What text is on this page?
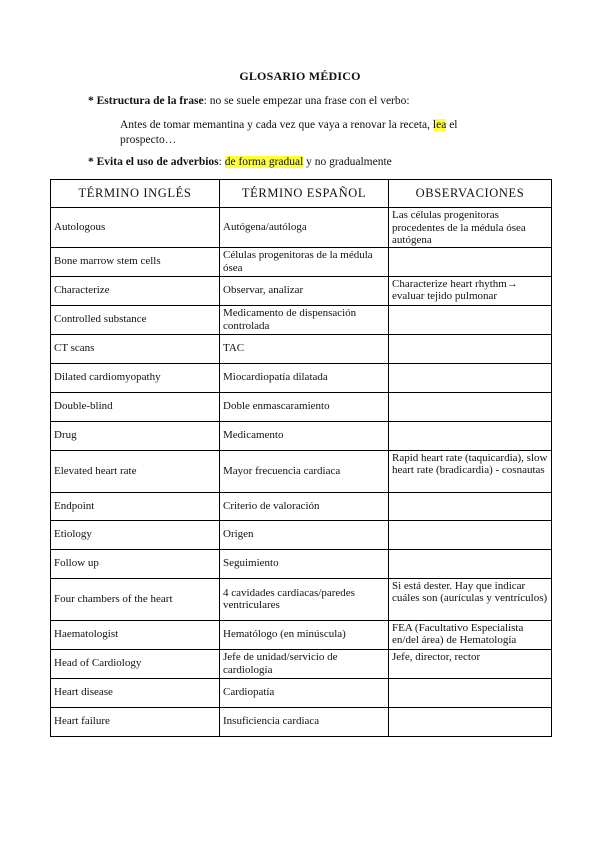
GLOSARIO MÉDICO
* Estructura de la frase: no se suele empezar una frase con el verbo:
Antes de tomar memantina y cada vez que vaya a renovar la receta, lea el prospecto…
* Evita el uso de adverbios: de forma gradual y no gradualmente
TÉRMINO INGLÉS	TÉRMINO ESPAÑOL	OBSERVACIONES
Autologous	Autógena/autóloga	Las células progenitoras procedentes de la médula ósea autógena
Bone marrow stem cells	Células progenitoras de la médula ósea	
Characterize	Observar, analizar	Characterize heart rhythm→ evaluar tejido pulmonar
Controlled substance	Medicamento de dispensación controlada	
CT scans	TAC	
Dilated cardiomyopathy	Miocardiopatía dilatada	
Double-blind	Doble enmascaramiento	
Drug	Medicamento	
Elevated heart rate	Mayor frecuencia cardiaca	Rapid heart rate (taquicardia), slow heart rate (bradicardia) - cosnautas
Endpoint	Criterio de valoración	
Etiology	Origen	
Follow up	Seguimiento	
Four chambers of the heart	4 cavidades cardiacas/paredes ventriculares	Si está dester. Hay que indicar cuáles son (aurículas y ventrículos)
Haematologist	Hematólogo (en minúscula)	FEA (Facultativo Especialista en/del área) de Hematología
Head of Cardiology	Jefe de unidad/servicio de cardiología	Jefe, director, rector
Heart disease	Cardiopatía	
Heart failure	Insuficiencia cardiaca	
